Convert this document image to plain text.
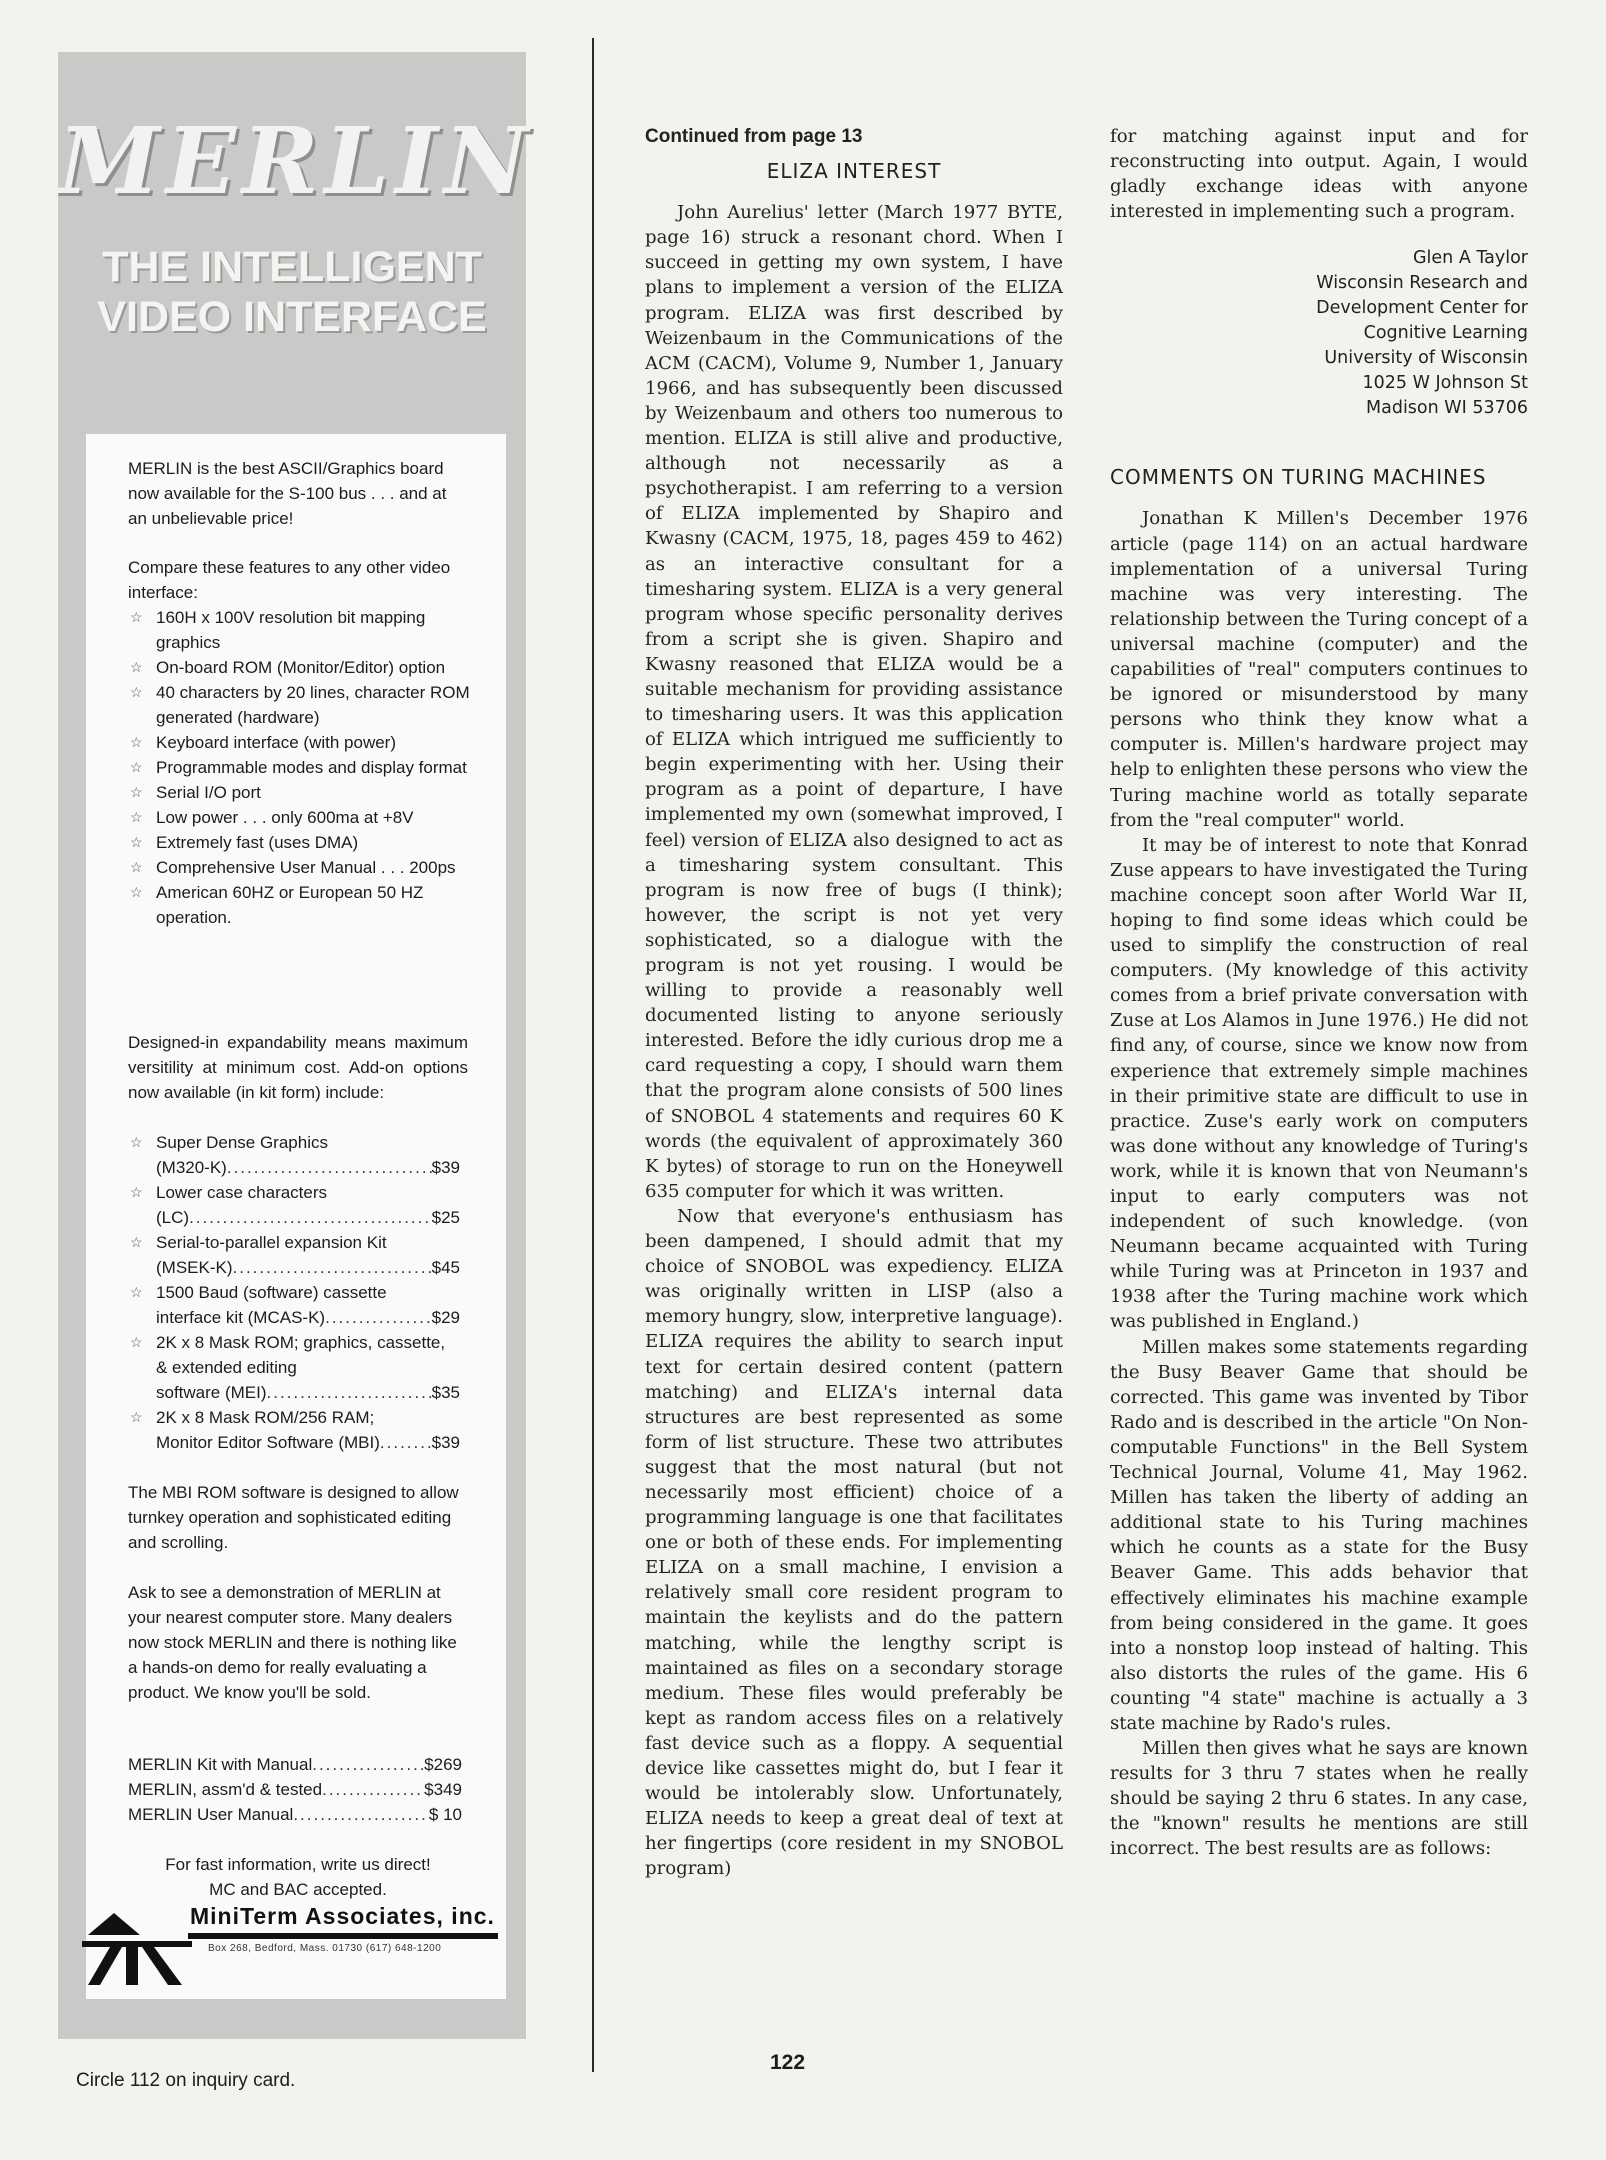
MERLIN
THE INTELLIGENT
VIDEO INTERFACE
MERLIN is the best ASCII/Graphics board now available for the S-100 bus . . . and at an unbelievable price!
Compare these features to any other video interface:
☆ 160H x 100V resolution bit mapping graphics
☆ On-board ROM (Monitor/Editor) option
☆ 40 characters by 20 lines, character ROM generated (hardware)
☆ Keyboard interface (with power)
☆ Programmable modes and display format
☆ Serial I/O port
☆ Low power . . . only 600ma at +8V
☆ Extremely fast (uses DMA)
☆ Comprehensive User Manual . . . 200ps
☆ American 60HZ or European 50 HZ operation.
Designed-in expandability means maximum versitility at minimum cost. Add-on options now available (in kit form) include:
☆ Super Dense Graphics
(M320-K) .....	$39
☆ Lower case characters
(LC) .....	$25
☆ Serial-to-parallel expansion Kit
(MSEK-K) .....	$45
☆ 1500 Baud (software) cassette
interface kit (MCAS-K) .....	$29
☆ 2K x 8 Mask ROM; graphics, cassette, & extended editing
software (MEI) .....	$35
☆ 2K x 8 Mask ROM/256 RAM;
Monitor Editor Software (MBI) .....	$39
The MBI ROM software is designed to allow turnkey operation and sophisticated editing and scrolling.
Ask to see a demonstration of MERLIN at your nearest computer store. Many dealers now stock MERLIN and there is nothing like a hands-on demo for really evaluating a product. We know you'll be sold.
MERLIN Kit with Manual .....	$269
MERLIN, assm'd & tested .....	$349
MERLIN User Manual .....	$ 10
For fast information, write us direct!
MC and BAC accepted.
MiniTerm Associates, inc.
Box 268, Bedford, Mass. 01730 (617) 648-1200
Circle 112 on inquiry card.
Continued from page 13
ELIZA INTEREST

John Aurelius' letter (March 1977 BYTE, page 16) struck a resonant chord. When I succeed in getting my own system, I have plans to implement a version of the ELIZA program. ELIZA was first described by Weizenbaum in the Communications of the ACM (CACM), Volume 9, Number 1, January 1966, and has subsequently been discussed by Weizenbaum and others too numerous to mention. ELIZA is still alive and productive, although not necessarily as a psychotherapist. I am referring to a version of ELIZA implemented by Shapiro and Kwasny (CACM, 1975, 18, pages 459 to 462) as an interactive consultant for a timesharing system. ELIZA is a very general program whose specific personality derives from a script she is given. Shapiro and Kwasny reasoned that ELIZA would be a suitable mechanism for providing assistance to timesharing users. It was this application of ELIZA which intrigued me sufficiently to begin experimenting with her. Using their program as a point of departure, I have implemented my own (somewhat improved, I feel) version of ELIZA also designed to act as a timesharing system consultant. This program is now free of bugs (I think); however, the script is not yet very sophisticated, so a dialogue with the program is not yet rousing. I would be willing to provide a reasonably well documented listing to anyone seriously interested. Before the idly curious drop me a card requesting a copy, I should warn them that the program alone consists of 500 lines of SNOBOL 4 statements and requires 60 K words (the equivalent of approximately 360 K bytes) of storage to run on the Honeywell 635 computer for which it was written.

Now that everyone's enthusiasm has been dampened, I should admit that my choice of SNOBOL was expediency. ELIZA was originally written in LISP (also a memory hungry, slow, interpretive language). ELIZA requires the ability to search input text for certain desired content (pattern matching) and ELIZA's internal data structures are best represented as some form of list structure. These two attributes suggest that the most natural (but not necessarily most efficient) choice of a programming language is one that facilitates one or both of these ends. For implementing ELIZA on a small machine, I envision a relatively small core resident program to maintain the keylists and do the pattern matching, while the lengthy script is maintained as files on a secondary storage medium. These files would preferably be kept as random access files on a relatively fast device such as a floppy. A sequential device like cassettes might do, but I fear it would be intolerably slow. Unfortunately, ELIZA needs to keep a great deal of text at her fingertips (core resident in my SNOBOL program)

for matching against input and for reconstructing into output. Again, I would gladly exchange ideas with anyone interested in implementing such a program.

Glen A Taylor
Wisconsin Research and
Development Center for
Cognitive Learning
University of Wisconsin
1025 W Johnson St
Madison WI 53706
COMMENTS ON TURING MACHINES

Jonathan K Millen's December 1976 article (page 114) on an actual hardware implementation of a universal Turing machine was very interesting. The relationship between the Turing concept of a universal machine (computer) and the capabilities of "real" computers continues to be ignored or misunderstood by many persons who think they know what a computer is. Millen's hardware project may help to enlighten these persons who view the Turing machine world as totally separate from the "real computer" world.

It may be of interest to note that Konrad Zuse appears to have investigated the Turing machine concept soon after World War II, hoping to find some ideas which could be used to simplify the construction of real computers. (My knowledge of this activity comes from a brief private conversation with Zuse at Los Alamos in June 1976.) He did not find any, of course, since we know now from experience that extremely simple machines in their primitive state are difficult to use in practice. Zuse's early work on computers was done without any knowledge of Turing's work, while it is known that von Neumann's input to early computers was not independent of such knowledge. (von Neumann became acquainted with Turing while Turing was at Princeton in 1937 and 1938 after the Turing machine work which was published in England.)

Millen makes some statements regarding the Busy Beaver Game that should be corrected. This game was invented by Tibor Rado and is described in the article "On Non-computable Functions" in the Bell System Technical Journal, Volume 41, May 1962. Millen has taken the liberty of adding an additional state to his Turing machines which he counts as a state for the Busy Beaver Game. This adds behavior that effectively eliminates his machine example from being considered in the game. It goes into a nonstop loop instead of halting. This also distorts the rules of the game. His 6 counting "4 state" machine is actually a 3 state machine by Rado's rules.

Millen then gives what he says are known results for 3 thru 7 states when he really should be saying 2 thru 6 states. In any case, the "known" results he mentions are still incorrect. The best results are as follows:

122
